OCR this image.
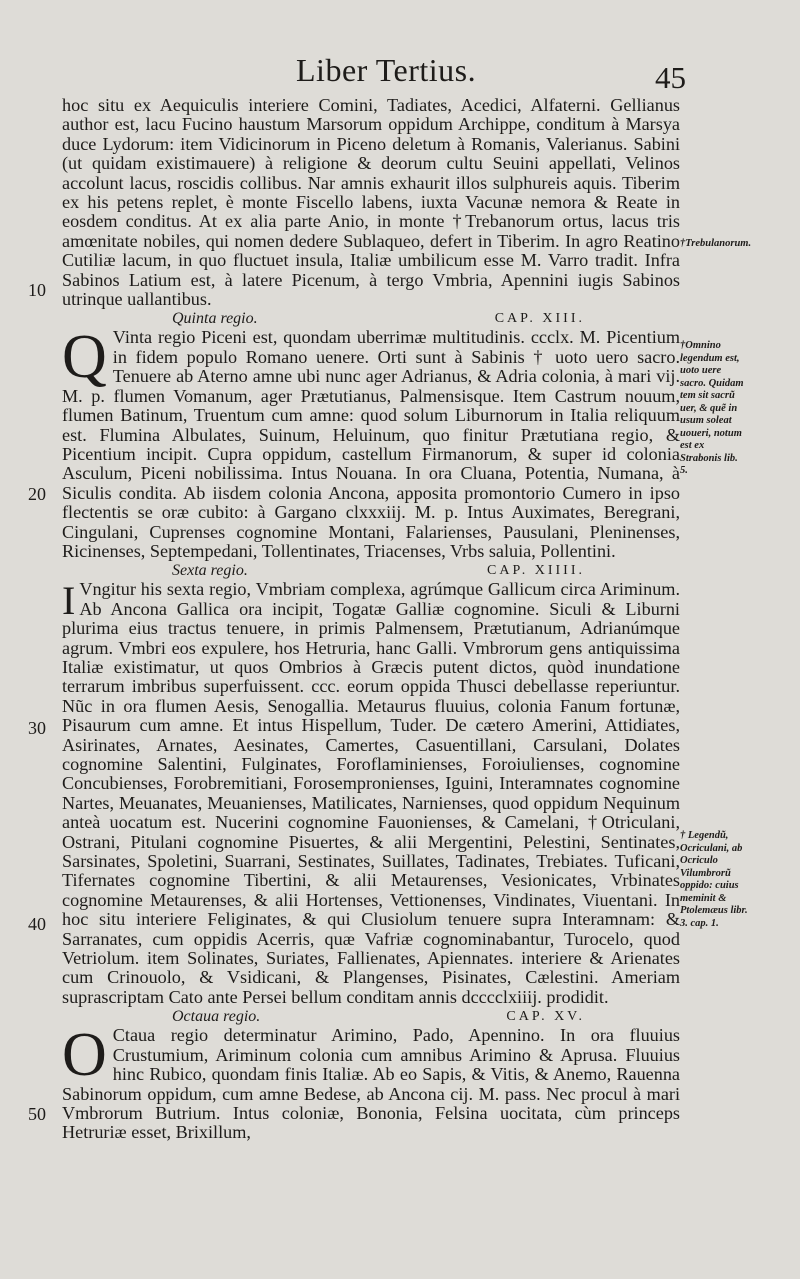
Liber Tertius.	45
10
20
30
40
50
†Trebulanorum.
†Omnino legendum est, uoto uere sacro. Quidam tem sit sacrũ uer, & quẽ in usum soleat uoueri, notum est ex Strabonis lib. 5.
† Legendũ, Ocriculani, ab Ocriculo Vilumbrorũ oppido: cuius meminit & Ptolemæus libr. 3. cap. 1.

hoc situ ex Aequiculis interiere Comini, Tadiates, Acedici, Alfaterni. Gellianus author est, lacu Fucino haustum Marsorum oppidum Archippe, conditum à Marsya duce Lydorum: item Vidicinorum in Piceno deletum à Romanis, Valerianus. Sabini (ut quidam existimauere) à religione & deorum cultu Seuini appellati, Velinos accolunt lacus, roscidis collibus. Nar amnis exhaurit illos sulphureis aquis. Tiberim ex his petens replet, è monte Fiscello labens, iuxta Vacunæ nemora & Reate in eosdem conditus. At ex alia parte Anio, in monte †Trebanorum ortus, lacus tris amœnitate nobiles, qui nomen dedere Sublaqueo, defert in Tiberim. In agro Reatino Cutiliæ lacum, in quo fluctuet insula, Italiæ umbilicum esse M. Varro tradit. Infra Sabinos Latium est, à latere Picenum, à tergo Vmbria, Apennini iugis Sabinos utrinque uallantibus.

Quinta regio.	CAP. XIII.

Q Vinta regio Piceni est, quondam uberrimæ multitudinis. ccclx. M. Picentium in fidem populo Romano uenere. Orti sunt à Sabinis † uoto uero sacro. Tenuere ab Aterno amne ubi nunc ager Adrianus, & Adria colonia, à mari vij. M. p. flumen Vomanum, ager Prætutianus, Palmensisque. Item Castrum nouum, flumen Batinum, Truentum cum amne: quod solum Liburnorum in Italia reliquum est. Flumina Albulates, Suinum, Heluinum, quo finitur Prætutiana regio, & Picentium incipit. Cupra oppidum, castellum Firmanorum, & super id colonia Asculum, Piceni nobilissima. Intus Nouana. In ora Cluana, Potentia, Numana, à Siculis condita. Ab iisdem colonia Ancona, apposita promontorio Cumero in ipso flectentis se oræ cubito: à Gargano clxxxiij. M. p. Intus Auximates, Beregrani, Cingulani, Cuprenses cognomine Montani, Falarienses, Pausulani, Pleninenses, Ricinenses, Septempedani, Tollentinates, Triacenses, Vrbs saluia, Pollentini.

Sexta regio.	CAP. XIIII.

I Vngitur his sexta regio, Vmbriam complexa, agrúmque Gallicum circa Ariminum. Ab Ancona Gallica ora incipit, Togatæ Galliæ cognomine. Siculi & Liburni plurima eius tractus tenuere, in primis Palmensem, Prætutianum, Adrianúmque agrum. Vmbri eos expulere, hos Hetruria, hanc Galli. Vmbrorum gens antiquissima Italiæ existimatur, ut quos Ombrios à Græcis putent dictos, quòd inundatione terrarum imbribus superfuissent. ccc. eorum oppida Thusci debellasse reperiuntur. Nũc in ora flumen Aesis, Senogallia. Metaurus fluuius, colonia Fanum fortunæ, Pisaurum cum amne. Et intus Hispellum, Tuder. De cætero Amerini, Attidiates, Asirinates, Arnates, Aesinates, Camertes, Casuentillani, Carsulani, Dolates cognomine Salentini, Fulginates, Foroflaminienses, Foroiulienses, cognomine Concubienses, Forobremitiani, Forosempronienses, Iguini, Interamnates cognomine Nartes, Meuanates, Meuanienses, Matilicates, Narnienses, quod oppidum Nequinum anteà uocatum est. Nucerini cognomine Fauonienses, & Camelani, †Otriculani, Ostrani, Pitulani cognomine Pisuertes, & alii Mergentini, Pelestini, Sentinates, Sarsinates, Spoletini, Suarrani, Sestinates, Suillates, Tadinates, Trebiates. Tuficani, Tifernates cognomine Tibertini, & alii Metaurenses, Vesionicates, Vrbinates cognomine Metaurenses, & alii Hortenses, Vettionenses, Vindinates, Viuentani. In hoc situ interiere Feliginates, & qui Clusiolum tenuere supra Interamnam: & Sarranates, cum oppidis Acerris, quæ Vafriæ cognominabantur, Turocelo, quod Vetriolum. item Solinates, Suriates, Fallienates, Apiennates. interiere & Arienates cum Crinouolo, & Vsidicani, & Plangenses, Pisinates, Cælestini. Ameriam suprascriptam Cato ante Persei bellum conditam annis dcccclxiiij. prodidit.

Octaua regio.	CAP. XV.

O Ctaua regio determinatur Arimino, Pado, Apennino. In ora fluuius Crustumium, Ariminum colonia cum amnibus Arimino & Aprusa. Fluuius hinc Rubico, quondam finis Italiæ. Ab eo Sapis, & Vitis, & Anemo, Rauenna Sabinorum oppidum, cum amne Bedese, ab Ancona cij. M. pass. Nec procul à mari Vmbrorum Butrium. Intus coloniæ, Bononia, Felsina uocitata, cùm princeps Hetruriæ esset, Brixillum,
